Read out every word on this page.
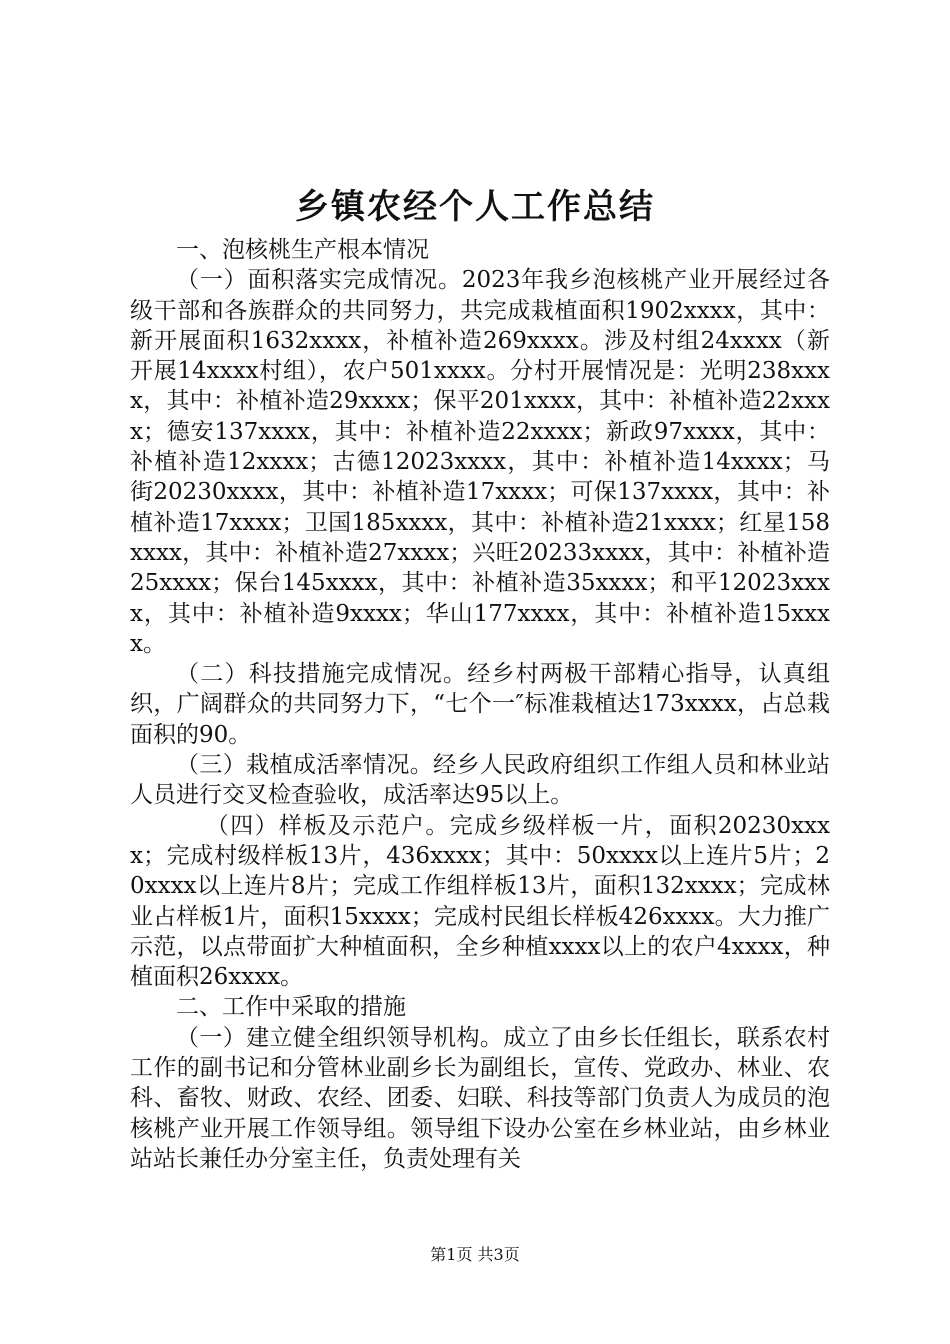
乡镇农经个人工作总结

一、泡核桃生产根本情况

（一）面积落实完成情况。2023年我乡泡核桃产业开展经过各级干部和各族群众的共同努力，共完成栽植面积1902xxxx，其中：新开展面积1632xxxx，补植补造269xxxx。涉及村组24xxxx（新开展14xxxx村组），农户501xxxx。分村开展情况是：光明238xxxx，其中：补植补造29xxxx；保平201xxxx，其中：补植补造22xxxx；德安137xxxx，其中：补植补造22xxxx；新政97xxxx，其中：补植补造12xxxx；古德12023xxxx，其中：补植补造14xxxx；马街20230xxxx，其中：补植补造17xxxx；可保137xxxx，其中：补植补造17xxxx；卫国185xxxx，其中：补植补造21xxxx；红星158xxxx，其中：补植补造27xxxx；兴旺20233xxxx，其中：补植补造25xxxx；保台145xxxx，其中：补植补造35xxxx；和平12023xxxx，其中：补植补造9xxxx；华山177xxxx，其中：补植补造15xxxx。

（二）科技措施完成情况。经乡村两极干部精心指导，认真组织，广阔群众的共同努力下，“七个一″标准栽植达173xxxx，占总栽面积的90。

（三）栽植成活率情况。经乡人民政府组织工作组人员和林业站人员进行交叉检查验收，成活率达95以上。

（四）样板及示范户。完成乡级样板一片，面积20230xxxx；完成村级样板13片，436xxxx；其中：50xxxx以上连片5片；20xxxx以上连片8片；完成工作组样板13片，面积132xxxx；完成林业占样板1片，面积15xxxx；完成村民组长样板426xxxx。大力推广示范，以点带面扩大种植面积，全乡种植xxxx以上的农户4xxxx，种植面积26xxxx。

二、工作中采取的措施

（一）建立健全组织领导机构。成立了由乡长任组长，联系农村工作的副书记和分管林业副乡长为副组长，宣传、党政办、林业、农科、畜牧、财政、农经、团委、妇联、科技等部门负责人为成员的泡核桃产业开展工作领导组。领导组下设办公室在乡林业站，由乡林业站站长兼任办分室主任，负责处理有关

第1页 共3页
